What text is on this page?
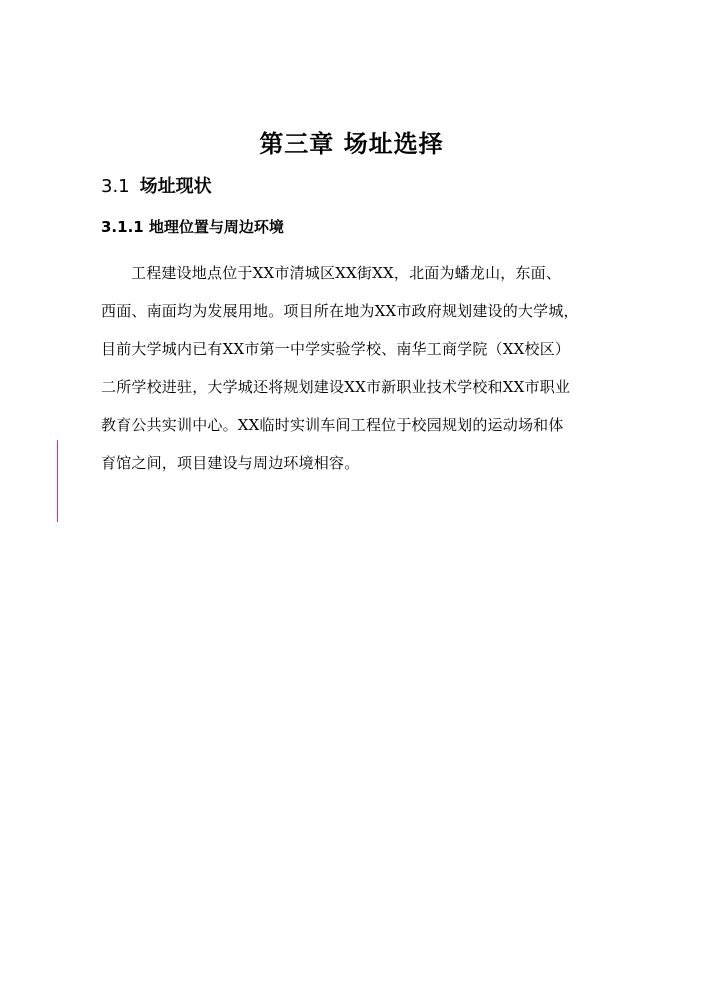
第三章 场址选择
3.1 场址现状
3.1.1 地理位置与周边环境
工程建设地点位于XX市清城区XX街XX，北面为蟠龙山，东面、
西面、南面均为发展用地。项目所在地为XX市政府规划建设的大学城，
目前大学城内已有XX市第一中学实验学校、南华工商学院（XX校区）
二所学校进驻，大学城还将规划建设XX市新职业技术学校和XX市职业
教育公共实训中心。XX临时实训车间工程位于校园规划的运动场和体
育馆之间，项目建设与周边环境相容。
